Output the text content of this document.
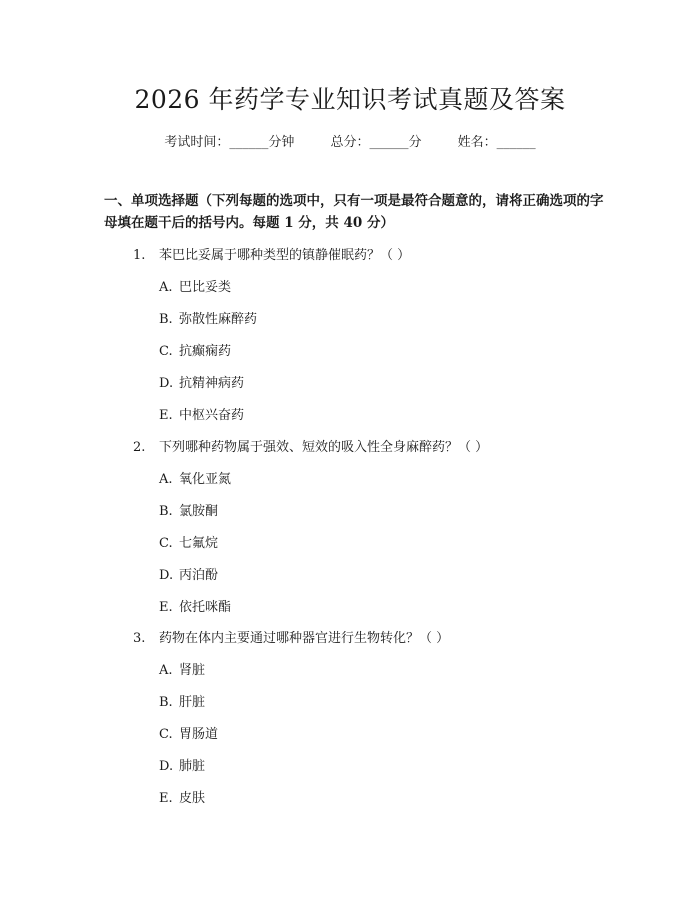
2026 年药学专业知识考试真题及答案
考试时间：______分钟	总分：______分	姓名：______

一、单项选择题（下列每题的选项中，只有一项是最符合题意的，请将正确选项的字母填在题干后的括号内。每题 1 分，共 40 分）

1. 苯巴比妥属于哪种类型的镇静催眠药？（ ）
A. 巴比妥类
B. 弥散性麻醉药
C. 抗癫痫药
D. 抗精神病药
E. 中枢兴奋药
2. 下列哪种药物属于强效、短效的吸入性全身麻醉药？（ ）
A. 氧化亚氮
B. 氯胺酮
C. 七氟烷
D. 丙泊酚
E. 依托咪酯
3. 药物在体内主要通过哪种器官进行生物转化？（ ）
A. 肾脏
B. 肝脏
C. 胃肠道
D. 肺脏
E. 皮肤
